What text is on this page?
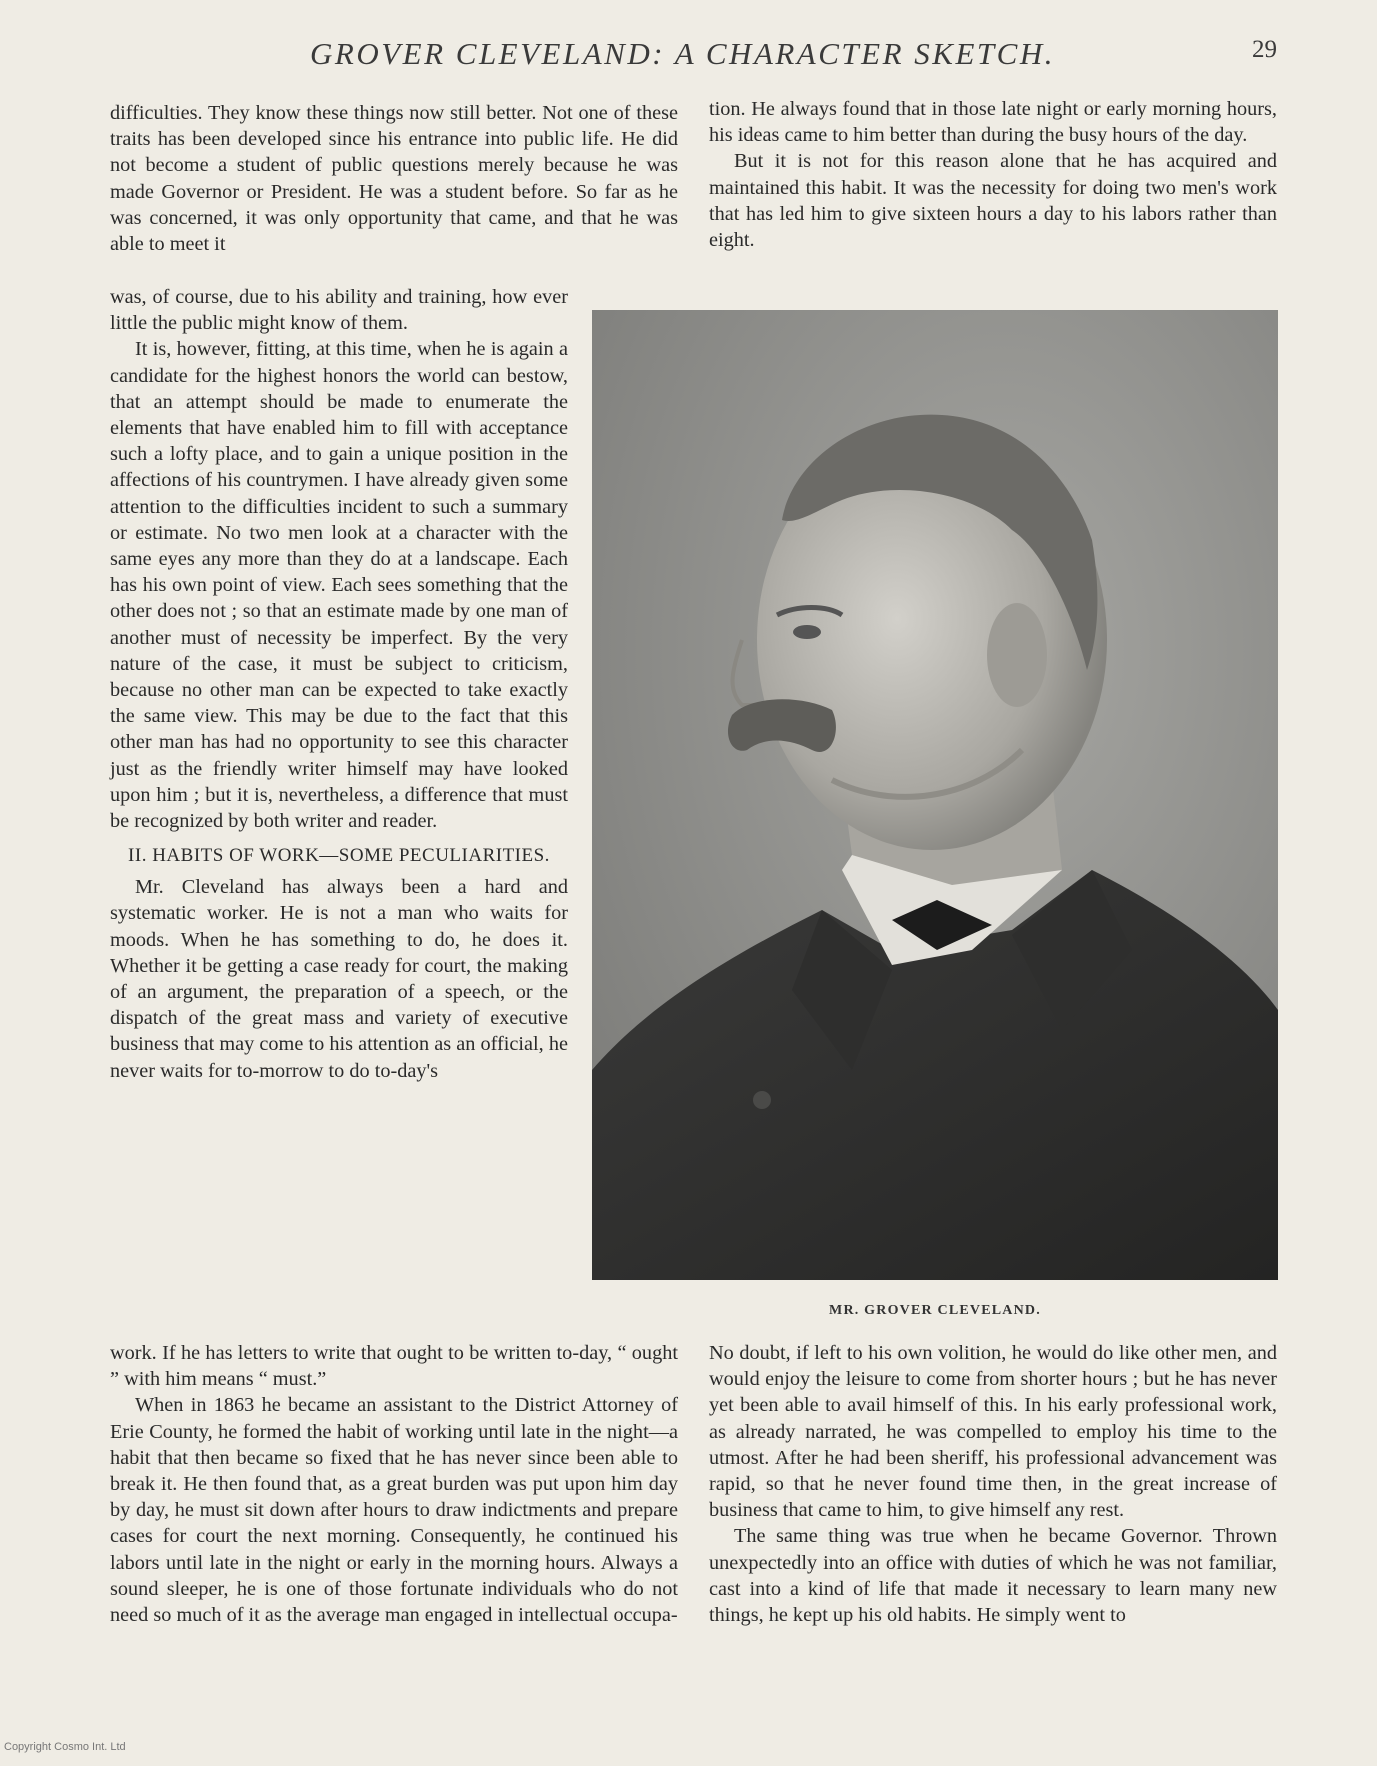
GROVER CLEVELAND: A CHARACTER SKETCH.	29

difficulties. They know these things now still better. Not one of these traits has been developed since his entrance into public life. He did not become a student of public questions merely because he was made Governor or President. He was a student before. So far as he was concerned, it was only opportunity that came, and that he was able to meet it

was, of course, due to his ability and training, how ever little the public might know of them.

It is, however, fitting, at this time, when he is again a candidate for the highest honors the world can bestow, that an attempt should be made to enumerate the elements that have enabled him to fill with acceptance such a lofty place, and to gain a unique position in the affections of his countrymen. I have already given some attention to the difficulties incident to such a summary or estimate. No two men look at a character with the same eyes any more than they do at a landscape. Each has his own point of view. Each sees something that the other does not ; so that an estimate made by one man of another must of necessity be imperfect. By the very nature of the case, it must be subject to criticism, because no other man can be expected to take exactly the same view. This may be due to the fact that this other man has had no opportunity to see this character just as the friendly writer himself may have looked upon him ; but it is, nevertheless, a difference that must be recognized by both writer and reader.

II. HABITS OF WORK—SOME PECULIARITIES.

Mr. Cleveland has always been a hard and systematic worker. He is not a man who waits for moods. When he has something to do, he does it. Whether it be getting a case ready for court, the making of an argument, the preparation of a speech, or the dispatch of the great mass and variety of executive business that may come to his attention as an official, he never waits for to-morrow to do to-day's

work. If he has letters to write that ought to be written to-day, “ ought ” with him means “ must.”

When in 1863 he became an assistant to the District Attorney of Erie County, he formed the habit of working until late in the night—a habit that then became so fixed that he has never since been able to break it. He then found that, as a great burden was put upon him day by day, he must sit down after hours to draw indictments and prepare cases for court the next morning. Consequently, he continued his labors until late in the night or early in the morning hours. Always a sound sleeper, he is one of those fortunate individuals who do not need so much of it as the average man engaged in intellectual occupa-

tion. He always found that in those late night or early morning hours, his ideas came to him better than during the busy hours of the day.

But it is not for this reason alone that he has acquired and maintained this habit. It was the necessity for doing two men's work that has led him to give sixteen hours a day to his labors rather than eight.

MR. GROVER CLEVELAND.

No doubt, if left to his own volition, he would do like other men, and would enjoy the leisure to come from shorter hours ; but he has never yet been able to avail himself of this. In his early professional work, as already narrated, he was compelled to employ his time to the utmost. After he had been sheriff, his professional advancement was rapid, so that he never found time then, in the great increase of business that came to him, to give himself any rest.

The same thing was true when he became Governor. Thrown unexpectedly into an office with duties of which he was not familiar, cast into a kind of life that made it necessary to learn many new things, he kept up his old habits. He simply went to

Copyright Cosmo Int. Ltd
